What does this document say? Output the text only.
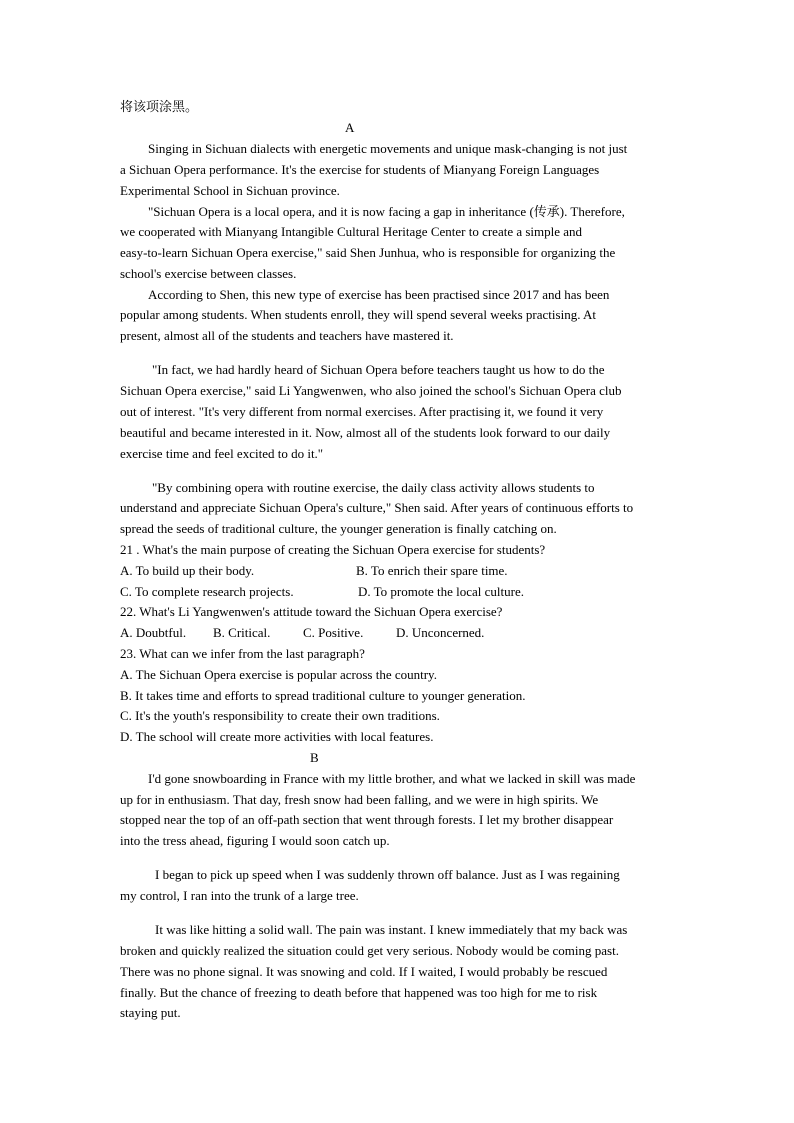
将该项涂黑。
A
Singing in Sichuan dialects with energetic movements and unique mask-changing is not just
a Sichuan Opera performance. It's the exercise for students of Mianyang Foreign Languages
Experimental School in Sichuan province.
"Sichuan Opera is a local opera, and it is now facing a gap in inheritance (传承). Therefore,
we cooperated with Mianyang Intangible Cultural Heritage Center to create a simple and
easy-to-learn Sichuan Opera exercise," said Shen Junhua, who is responsible for organizing the
school's exercise between classes.
According to Shen, this new type of exercise has been practised since 2017 and has been
popular among students. When students enroll, they will spend several weeks practising. At
present, almost all of the students and teachers have mastered it.
"In fact, we had hardly heard of Sichuan Opera before teachers taught us how to do the
Sichuan Opera exercise," said Li Yangwenwen, who also joined the school's Sichuan Opera club
out of interest. "It's very different from normal exercises. After practising it, we found it very
beautiful and became interested in it. Now, almost all of the students look forward to our daily
exercise time and feel excited to do it."
"By combining opera with routine exercise, the daily class activity allows students to
understand and appreciate Sichuan Opera's culture," Shen said. After years of continuous efforts to
spread the seeds of traditional culture, the younger generation is finally catching on.
21 . What's the main purpose of creating the Sichuan Opera exercise for students?
A. To build up their body.	B. To enrich their spare time.
C. To complete research projects.	D. To promote the local culture.
22. What's Li Yangwenwen's attitude toward the Sichuan Opera exercise?
A. Doubtful. B. Critical.	C. Positive.	D. Unconcerned.
23. What can we infer from the last paragraph?
A. The Sichuan Opera exercise is popular across the country.
B. It takes time and efforts to spread traditional culture to younger generation.
C. It's the youth's responsibility to create their own traditions.
D. The school will create more activities with local features.
B
I'd gone snowboarding in France with my little brother, and what we lacked in skill was made
up for in enthusiasm. That day, fresh snow had been falling, and we were in high spirits. We
stopped near the top of an off-path section that went through forests. I let my brother disappear
into the tress ahead, figuring I would soon catch up.
I began to pick up speed when I was suddenly thrown off balance. Just as I was regaining
my control, I ran into the trunk of a large tree.
It was like hitting a solid wall. The pain was instant. I knew immediately that my back was
broken and quickly realized the situation could get very serious. Nobody would be coming past.
There was no phone signal. It was snowing and cold. If I waited, I would probably be rescued
finally. But the chance of freezing to death before that happened was too high for me to risk
staying put.
